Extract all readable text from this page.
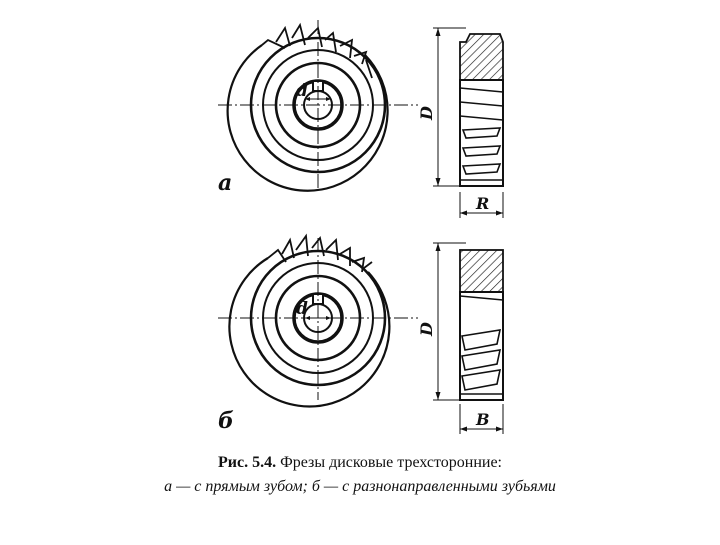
d
а
D
R
d
б
D
B
Рис. 5.4. Фрезы дисковые трехсторонние:
а — с прямым зубом; б — с разнонаправленными зубьями
